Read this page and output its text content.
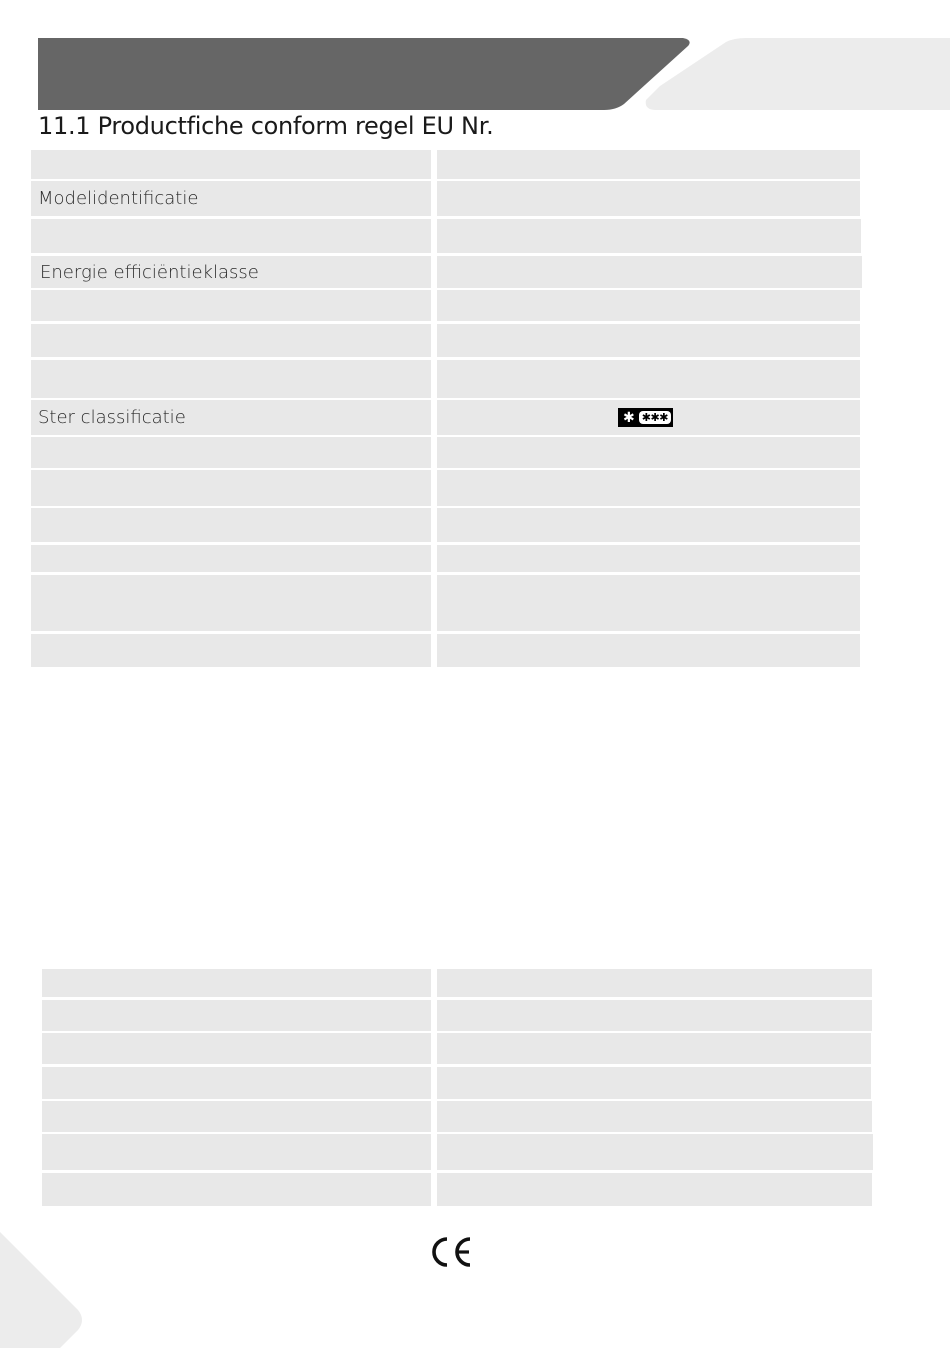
11.1 Productfiche conform regel EU Nr.
Modelidentificatie
Energie efficiëntieklasse
Ster classificatie	✱ ✱✱✱
